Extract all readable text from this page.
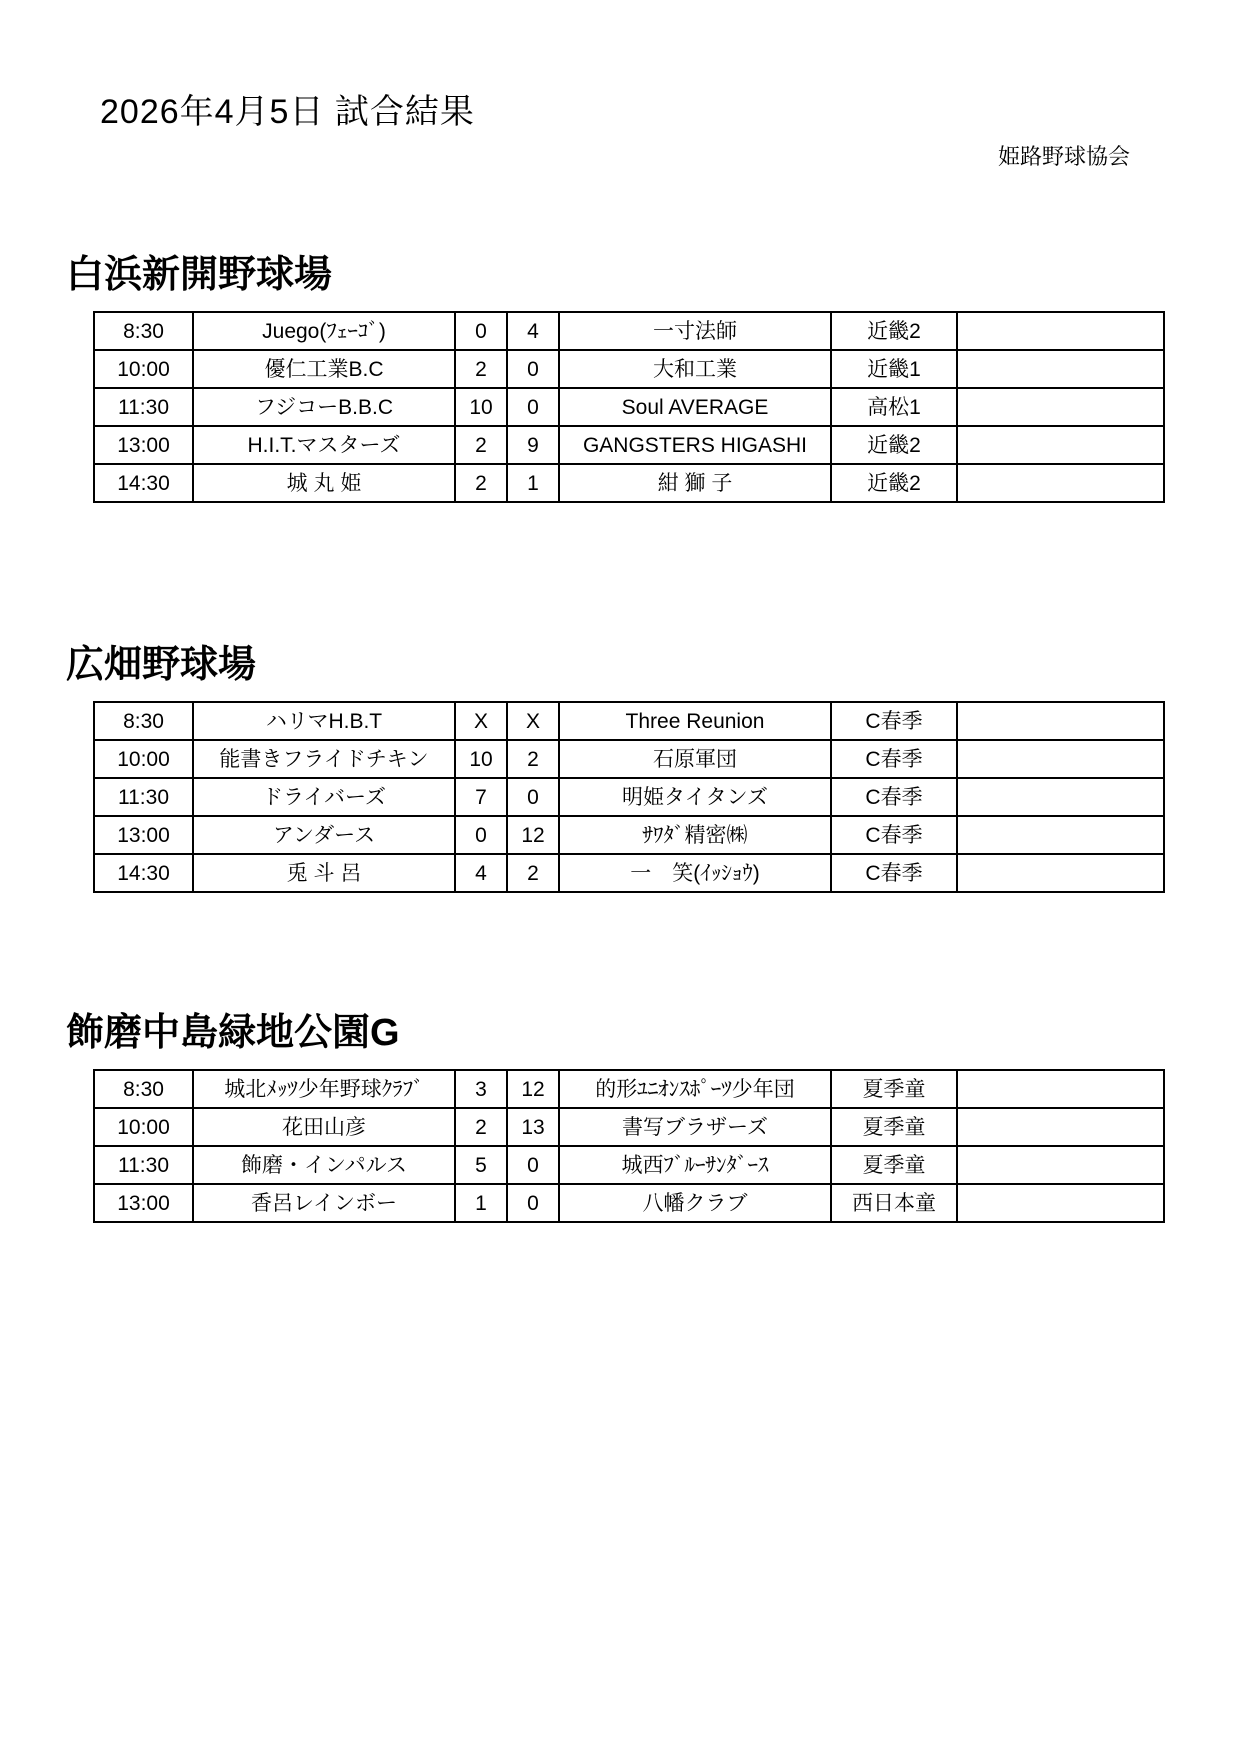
2026年4月5日 試合結果
姫路野球協会
白浜新開野球場
8:30	Juego(ﾌｪｰｺﾞ)	0	4	一寸法師	近畿2	
10:00	優仁工業B.C	2	0	大和工業	近畿1	
11:30	フジコーB.B.C	10	0	Soul AVERAGE	高松1	
13:00	H.I.T.マスターズ	2	9	GANGSTERS HIGASHI	近畿2	
14:30	城 丸 姫	2	1	紺 獅 子	近畿2	
広畑野球場
8:30	ハリマH.B.T	X	X	Three Reunion	C春季	
10:00	能書きフライドチキン	10	2	石原軍団	C春季	
11:30	ドライバーズ	7	0	明姫タイタンズ	C春季	
13:00	アンダース	0	12	ｻﾜﾀﾞ精密㈱	C春季	
14:30	兎 斗 呂	4	2	一　笑(ｲｯｼｮｳ)	C春季	
飾磨中島緑地公園G
8:30	城北ﾒｯﾂ少年野球ｸﾗﾌﾞ	3	12	的形ﾕﾆｵﾝｽﾎﾟｰﾂ少年団	夏季童	
10:00	花田山彦	2	13	書写ブラザーズ	夏季童	
11:30	飾磨・インパルス	5	0	城西ﾌﾞﾙｰｻﾝﾀﾞｰｽ	夏季童	
13:00	香呂レインボー	1	0	八幡クラブ	西日本童	
